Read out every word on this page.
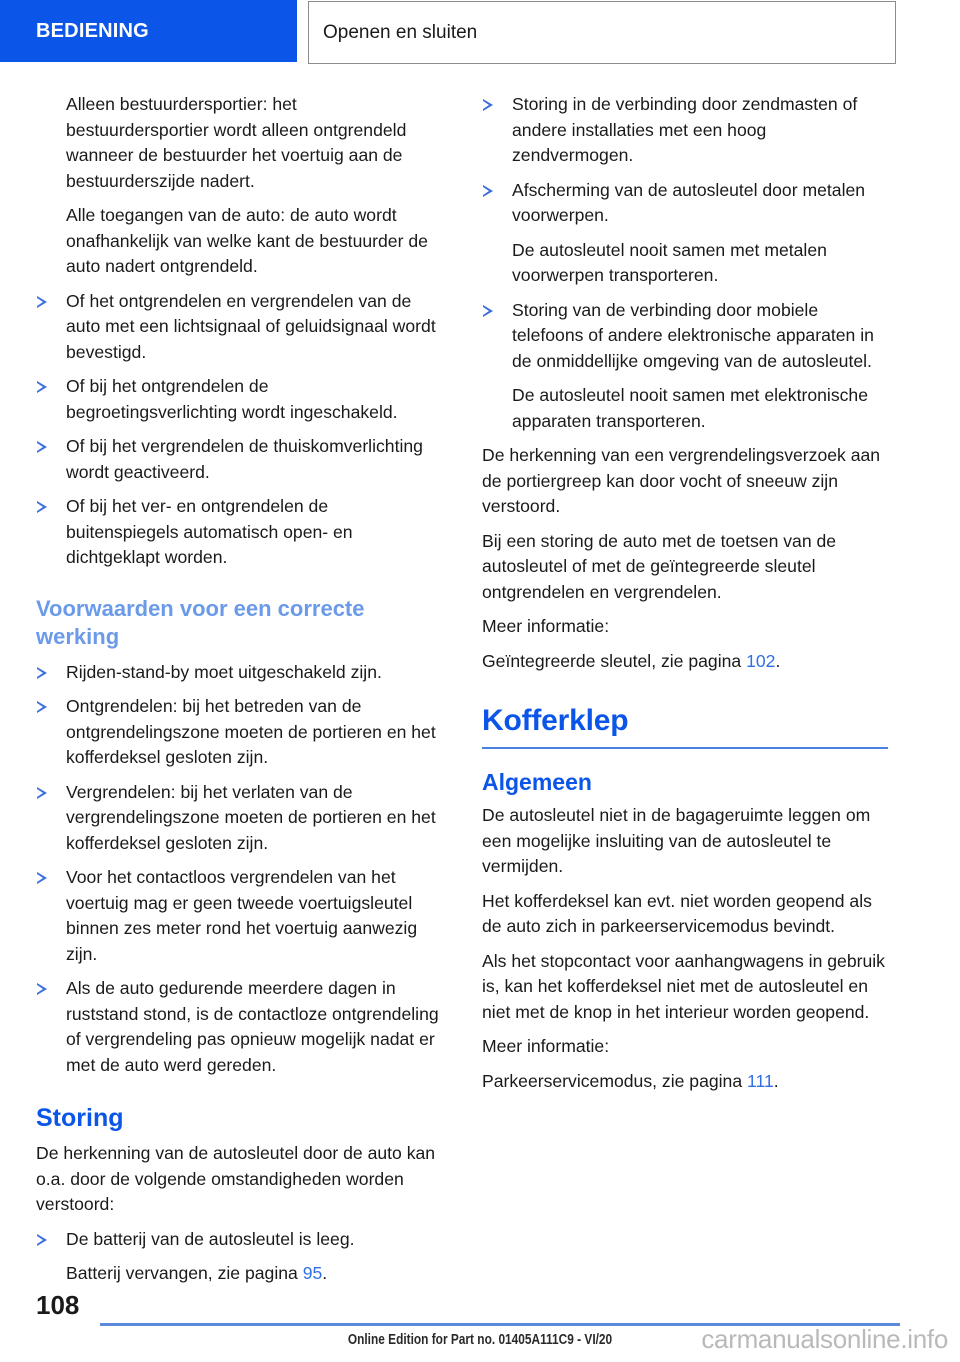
BEDIENING	Openen en sluiten

Alleen bestuurdersportier: het bestuurdersportier wordt alleen ontgrendeld wanneer de bestuurder het voertuig aan de bestuurderszijde nadert.

Alle toegangen van de auto: de auto wordt onafhankelijk van welke kant de bestuurder de auto nadert ontgrendeld.

Of het ontgrendelen en vergrendelen van de auto met een lichtsignaal of geluidsignaal wordt bevestigd.
Of bij het ontgrendelen de begroetingsverlichting wordt ingeschakeld.
Of bij het vergrendelen de thuiskomverlichting wordt geactiveerd.
Of bij het ver- en ontgrendelen de buitenspiegels automatisch open- en dichtgeklapt worden.
Voorwaarden voor een correcte werking
Rijden-stand-by moet uitgeschakeld zijn.
Ontgrendelen: bij het betreden van de ontgrendelingszone moeten de portieren en het kofferdeksel gesloten zijn.
Vergrendelen: bij het verlaten van de vergrendelingszone moeten de portieren en het kofferdeksel gesloten zijn.
Voor het contactloos vergrendelen van het voertuig mag er geen tweede voertuigsleutel binnen zes meter rond het voertuig aanwezig zijn.
Als de auto gedurende meerdere dagen in ruststand stond, is de contactloze ontgrendeling of vergrendeling pas opnieuw mogelijk nadat er met de auto werd gereden.
Storing

De herkenning van de autosleutel door de auto kan o.a. door de volgende omstandigheden worden verstoord:

De batterij van de autosleutel is leeg.

Batterij vervangen, zie pagina 95.

Storing in de verbinding door zendmasten of andere installaties met een hoog zendvermogen.
Afscherming van de autosleutel door metalen voorwerpen.

De autosleutel nooit samen met metalen voorwerpen transporteren.

Storing van de verbinding door mobiele telefoons of andere elektronische apparaten in de onmiddellijke omgeving van de autosleutel.

De autosleutel nooit samen met elektronische apparaten transporteren.

De herkenning van een vergrendelingsverzoek aan de portiergreep kan door vocht of sneeuw zijn verstoord.

Bij een storing de auto met de toetsen van de autosleutel of met de geïntegreerde sleutel ontgrendelen en vergrendelen.

Meer informatie:

Geïntegreerde sleutel, zie pagina 102.

Kofferklep
Algemeen

De autosleutel niet in de bagageruimte leggen om een mogelijke insluiting van de autosleutel te vermijden.

Het kofferdeksel kan evt. niet worden geopend als de auto zich in parkeerservicemodus bevindt.

Als het stopcontact voor aanhangwagens in gebruik is, kan het kofferdeksel niet met de autosleutel en niet met de knop in het interieur worden geopend.

Meer informatie:

Parkeerservicemodus, zie pagina 111.

108
Online Edition for Part no. 01405A111C9 - VI/20	carmanualsonline.info
